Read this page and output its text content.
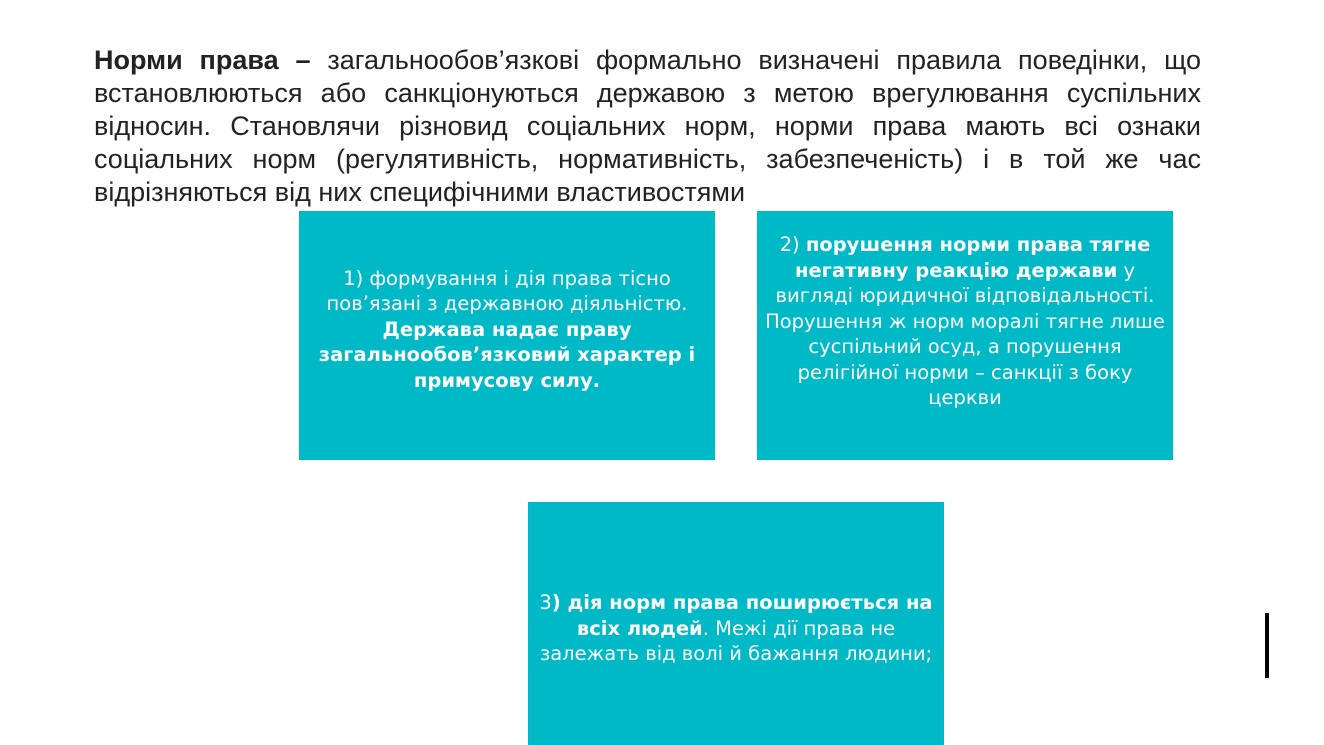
Норми права – загальнообов’язкові формально визначені правила поведінки, що встановлюються або санкціонуються державою з метою врегулювання суспільних відносин. Становлячи різновид соціальних норм, норми права мають всі ознаки соціальних норм (регулятивність, нормативність, забезпеченість) і в той же час відрізняються від них специфічними властивостями

1) формування і дія права тісно пов’язані з державною діяльністю. Держава надає праву загальнообов’язковий характер і примусову силу.

2) порушення норми права тягне негативну реакцію держави у вигляді юридичної відповідальності. Порушення ж норм моралі тягне лише суспільний осуд, а порушення релігійної норми – санкції з боку церкви

3) дія норм права поширюється на всіх людей. Межі дії права не залежать від волі й бажання людини;
